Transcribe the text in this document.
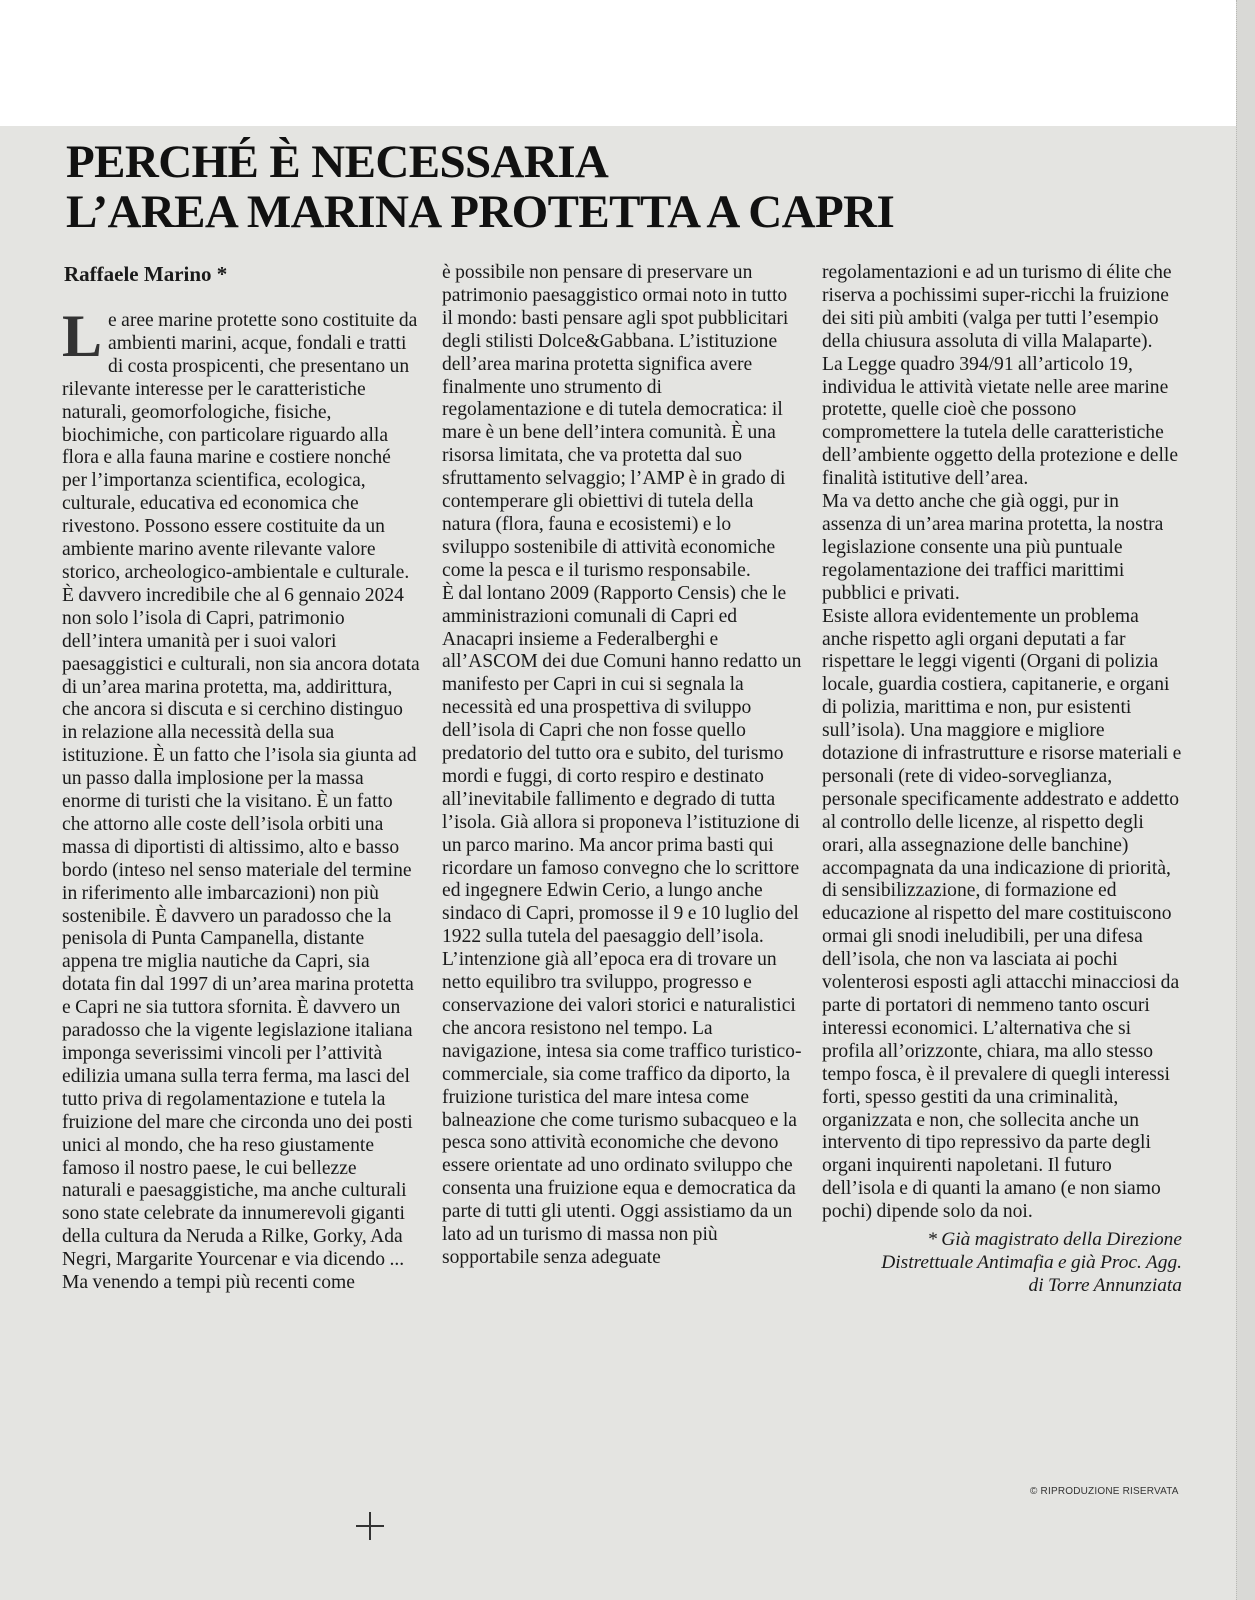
PERCHÉ È NECESSARIA
L’AREA MARINA PROTETTA A CAPRI
Raffaele Marino *

Le aree marine protette sono costituite da ambienti marini, acque, fondali e tratti di costa prospicenti, che presentano un rilevante interesse per le caratteristiche naturali, geomorfologiche, fisiche, biochimiche, con particolare riguardo alla flora e alla fauna marine e costiere nonché per l’importanza scientifica, ecologica, culturale, educativa ed economica che rivestono. Possono essere costituite da un ambiente marino avente rilevante valore storico, archeologico-ambientale e culturale. È davvero incredibile che al 6 gennaio 2024 non solo l’isola di Capri, patrimonio dell’intera umanità per i suoi valori paesaggistici e culturali, non sia ancora dotata di un’area marina protetta, ma, addirittura, che ancora si discuta e si cerchino distinguo in relazione alla necessità della sua istituzione. È un fatto che l’isola sia giunta ad un passo dalla implosione per la massa enorme di turisti che la visitano. È un fatto che attorno alle coste dell’isola orbiti una massa di diportisti di altissimo, alto e basso bordo (inteso nel senso materiale del termine in riferimento alle imbarcazioni) non più sostenibile. È davvero un paradosso che la penisola di Punta Campanella, distante appena tre miglia nautiche da Capri, sia dotata fin dal 1997 di un’area marina protetta e Capri ne sia tuttora sfornita. È davvero un paradosso che la vigente legislazione italiana imponga severissimi vincoli per l’attività edilizia umana sulla terra ferma, ma lasci del tutto priva di regolamentazione e tutela la fruizione del mare che circonda uno dei posti unici al mondo, che ha reso giustamente famoso il nostro paese, le cui bellezze naturali e paesaggistiche, ma anche culturali sono state celebrate da innumerevoli giganti della cultura da Neruda a Rilke, Gorky, Ada Negri, Margarite Yourcenar e via dicendo ...

Ma venendo a tempi più recenti come

è possibile non pensare di preservare un patrimonio paesaggistico ormai noto in tutto il mondo: basti pensare agli spot pubblicitari degli stilisti Dolce&Gabbana. L’istituzione dell’area marina protetta significa avere finalmente uno strumento di regolamentazione e di tutela democratica: il mare è un bene dell’intera comunità. È una risorsa limitata, che va protetta dal suo sfruttamento selvaggio; l’AMP è in grado di contemperare gli obiettivi di tutela della natura (flora, fauna e ecosistemi) e lo sviluppo sostenibile di attività economiche come la pesca e il turismo responsabile.

È dal lontano 2009 (Rapporto Censis) che le amministrazioni comunali di Capri ed Anacapri insieme a Federalberghi e all’ASCOM dei due Comuni hanno redatto un manifesto per Capri in cui si segnala la necessità ed una prospettiva di sviluppo dell’isola di Capri che non fosse quello predatorio del tutto ora e subito, del turismo mordi e fuggi, di corto respiro e destinato all’inevitabile fallimento e degrado di tutta l’isola. Già allora si proponeva l’istituzione di un parco marino. Ma ancor prima basti qui ricordare un famoso convegno che lo scrittore ed ingegnere Edwin Cerio, a lungo anche sindaco di Capri, promosse il 9 e 10 luglio del 1922 sulla tutela del paesaggio dell’isola.

L’intenzione già all’epoca era di trovare un netto equilibro tra sviluppo, progresso e conservazione dei valori storici e naturalistici che ancora resistono nel tempo. La navigazione, intesa sia come traffico turistico-commerciale, sia come traffico da diporto, la fruizione turistica del mare intesa come balneazione che come turismo subacqueo e la pesca sono attività economiche che devono essere orientate ad uno ordinato sviluppo che consenta una fruizione equa e democratica da parte di tutti gli utenti. Oggi assistiamo da un lato ad un turismo di massa non più sopportabile senza adeguate

regolamentazioni e ad un turismo di élite che riserva a pochissimi super-ricchi la fruizione dei siti più ambiti (valga per tutti l’esempio della chiusura assoluta di villa Malaparte).

La Legge quadro 394/91 all’articolo 19, individua le attività vietate nelle aree marine protette, quelle cioè che possono compromettere la tutela delle caratteristiche dell’ambiente oggetto della protezione e delle finalità istitutive dell’area.

Ma va detto anche che già oggi, pur in assenza di un’area marina protetta, la nostra legislazione consente una più puntuale regolamentazione dei traffici marittimi pubblici e privati.

Esiste allora evidentemente un problema anche rispetto agli organi deputati a far rispettare le leggi vigenti (Organi di polizia locale, guardia costiera, capitanerie, e organi di polizia, marittima e non, pur esistenti sull’isola). Una maggiore e migliore dotazione di infrastrutture e risorse materiali e personali (rete di video-sorveglianza, personale specificamente addestrato e addetto al controllo delle licenze, al rispetto degli orari, alla assegnazione delle banchine) accompagnata da una indicazione di priorità, di sensibilizzazione, di formazione ed educazione al rispetto del mare costituiscono ormai gli snodi ineludibili, per una difesa dell’isola, che non va lasciata ai pochi volenterosi esposti agli attacchi minacciosi da parte di portatori di nemmeno tanto oscuri interessi economici. L’alternativa che si profila all’orizzonte, chiara, ma allo stesso tempo fosca, è il prevalere di quegli interessi forti, spesso gestiti da una criminalità, organizzata e non, che sollecita anche un intervento di tipo repressivo da parte degli organi inquirenti napoletani. Il futuro dell’isola e di quanti la amano (e non siamo pochi) dipende solo da noi.

* Già magistrato della Direzione
Distrettuale Antimafia e già Proc. Agg.
di Torre Annunziata
© RIPRODUZIONE RISERVATA
